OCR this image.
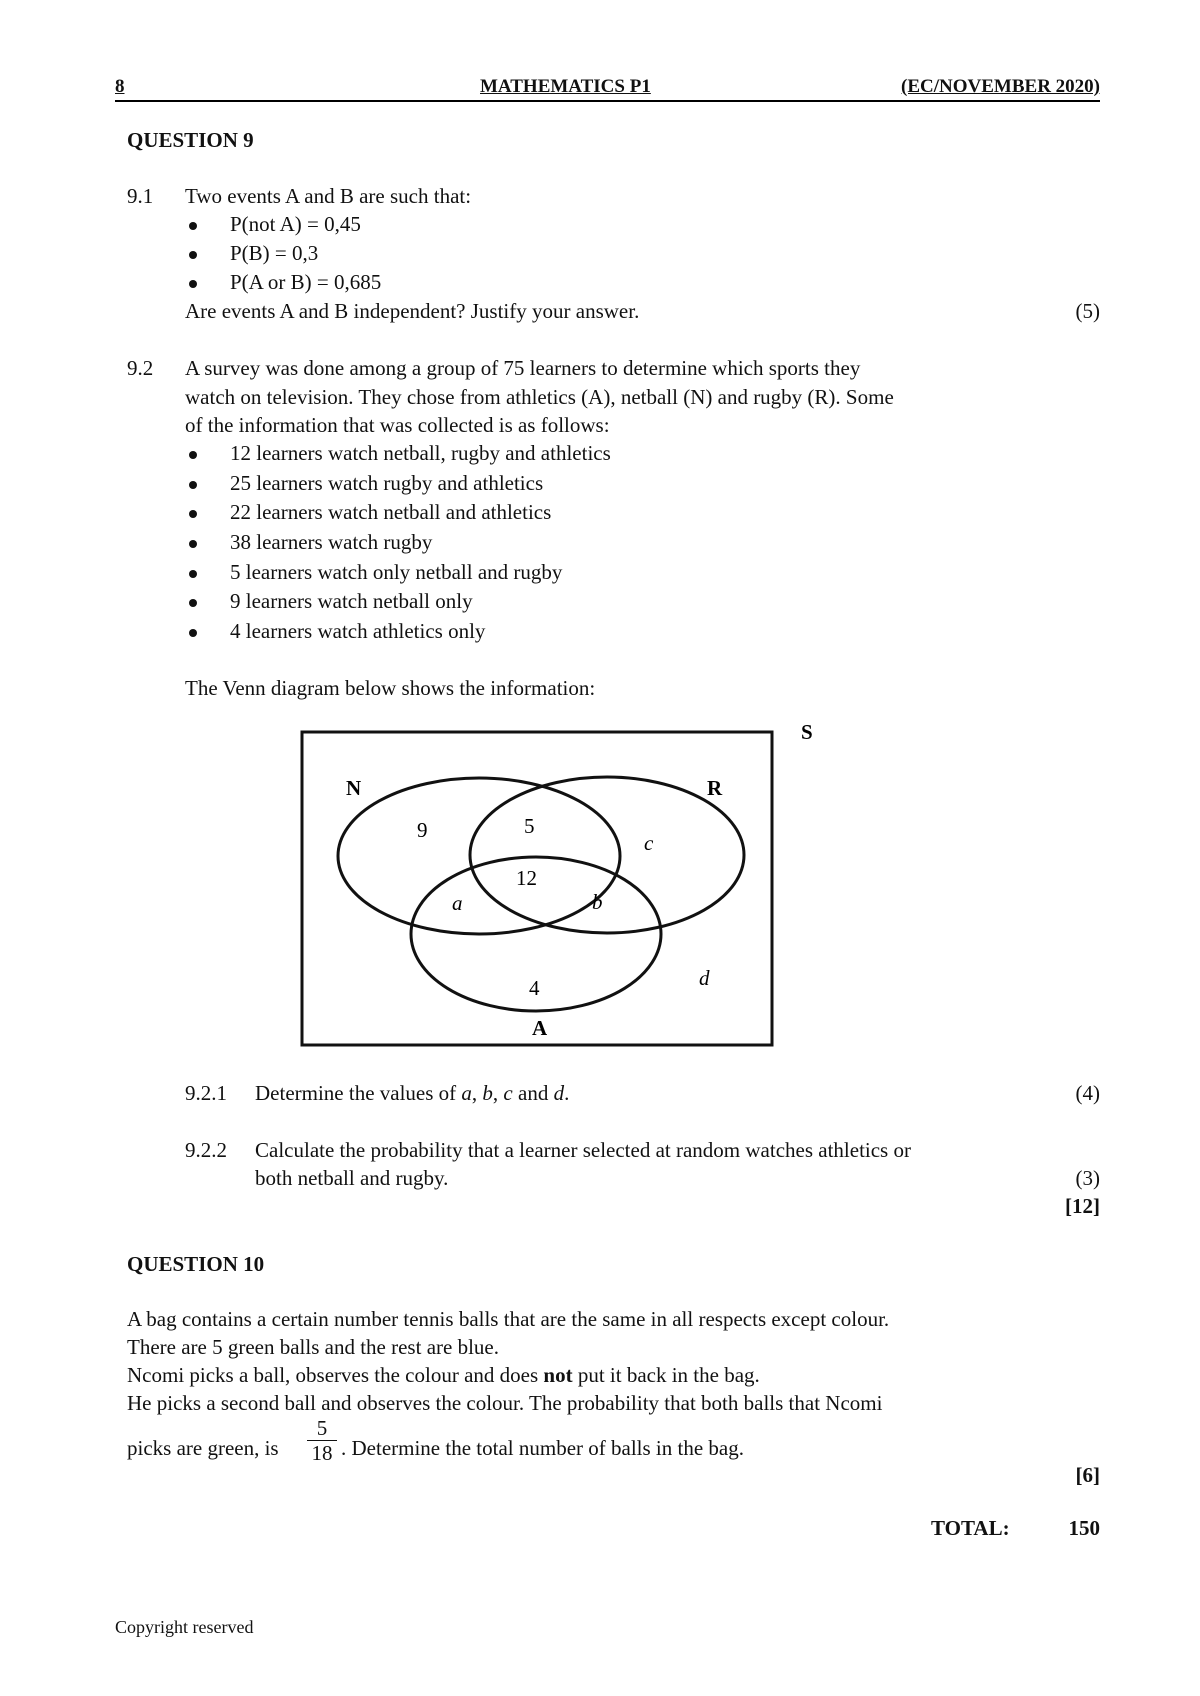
8	MATHEMATICS P1	(EC/NOVEMBER 2020)
QUESTION 9
9.1 Two events A and B are such that:
P(not A) = 0,45
P(B) = 0,3
P(A or B) = 0,685
Are events A and B independent? Justify your answer.	(5)
9.2 A survey was done among a group of 75 learners to determine which sports they
watch on television. They chose from athletics (A), netball (N) and rugby (R). Some
of the information that was collected is as follows:
12 learners watch netball, rugby and athletics
25 learners watch rugby and athletics
22 learners watch netball and athletics
38 learners watch rugby
5 learners watch only netball and rugby
9 learners watch netball only
4 learners watch athletics only
The Venn diagram below shows the information:
S
N	R
A
9	5
12
a	b
c
d
4
9.2.1 Determine the values of a, b, c and d.	(4)
9.2.2 Calculate the probability that a learner selected at random watches athletics or
both netball and rugby.	(3)
[12]
QUESTION 10
A bag contains a certain number tennis balls that are the same in all respects except colour.
There are 5 green balls and the rest are blue.
Ncomi picks a ball, observes the colour and does not put it back in the bag.
He picks a second ball and observes the colour. The probability that both balls that Ncomi
picks are green, is $\frac{5}{18}$ . Determine the total number of balls in the bag.
[6]
TOTAL:	150
Copyright reserved
